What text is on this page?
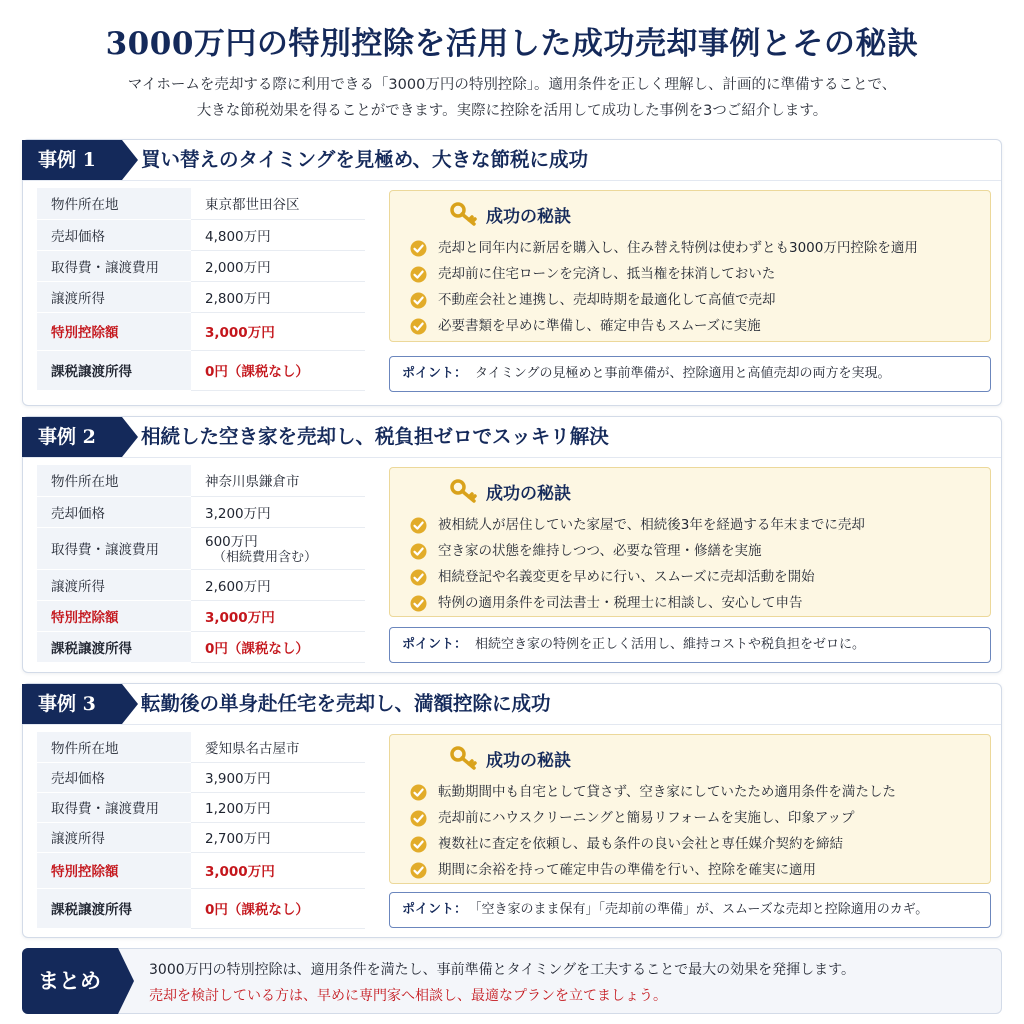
3000万円の特別控除を活用した成功売却事例とその秘訣
マイホームを売却する際に利用できる「3000万円の特別控除」。適用条件を正しく理解し、計画的に準備することで、
大きな節税効果を得ることができます。実際に控除を活用して成功した事例を3つご紹介します。
事例 1	買い替えのタイミングを見極め、大きな節税に成功
物件所在地	東京都世田谷区
売却価格	4,800万円
取得費・譲渡費用	2,000万円
譲渡所得	2,800万円
特別控除額	3,000万円
課税譲渡所得	0円（課税なし）
成功の秘訣
売却と同年内に新居を購入し、住み替え特例は使わずとも3000万円控除を適用
売却前に住宅ローンを完済し、抵当権を抹消しておいた
不動産会社と連携し、売却時期を最適化して高値で売却
必要書類を早めに準備し、確定申告もスムーズに実施
ポイント： タイミングの見極めと事前準備が、控除適用と高値売却の両方を実現。
事例 2	相続した空き家を売却し、税負担ゼロでスッキリ解決
物件所在地	神奈川県鎌倉市
売却価格	3,200万円
取得費・譲渡費用	600万円
（相続費用含む）

譲渡所得	2,600万円
特別控除額	3,000万円
課税譲渡所得	0円（課税なし）
成功の秘訣
被相続人が居住していた家屋で、相続後3年を経過する年末までに売却
空き家の状態を維持しつつ、必要な管理・修繕を実施
相続登記や名義変更を早めに行い、スムーズに売却活動を開始
特例の適用条件を司法書士・税理士に相談し、安心して申告
ポイント： 相続空き家の特例を正しく活用し、維持コストや税負担をゼロに。
事例 3	転勤後の単身赴任宅を売却し、満額控除に成功
物件所在地	愛知県名古屋市
売却価格	3,900万円
取得費・譲渡費用	1,200万円
譲渡所得	2,700万円
特別控除額	3,000万円
課税譲渡所得	0円（課税なし）
成功の秘訣
転勤期間中も自宅として貸さず、空き家にしていたため適用条件を満たした
売却前にハウスクリーニングと簡易リフォームを実施し、印象アップ
複数社に査定を依頼し、最も条件の良い会社と専任媒介契約を締結
期間に余裕を持って確定申告の準備を行い、控除を確実に適用
ポイント： 「空き家のまま保有」「売却前の準備」が、スムーズな売却と控除適用のカギ。
まとめ	3000万円の特別控除は、適用条件を満たし、事前準備とタイミングを工夫することで最大の効果を発揮します。
売却を検討している方は、早めに専門家へ相談し、最適なプランを立てましょう。
